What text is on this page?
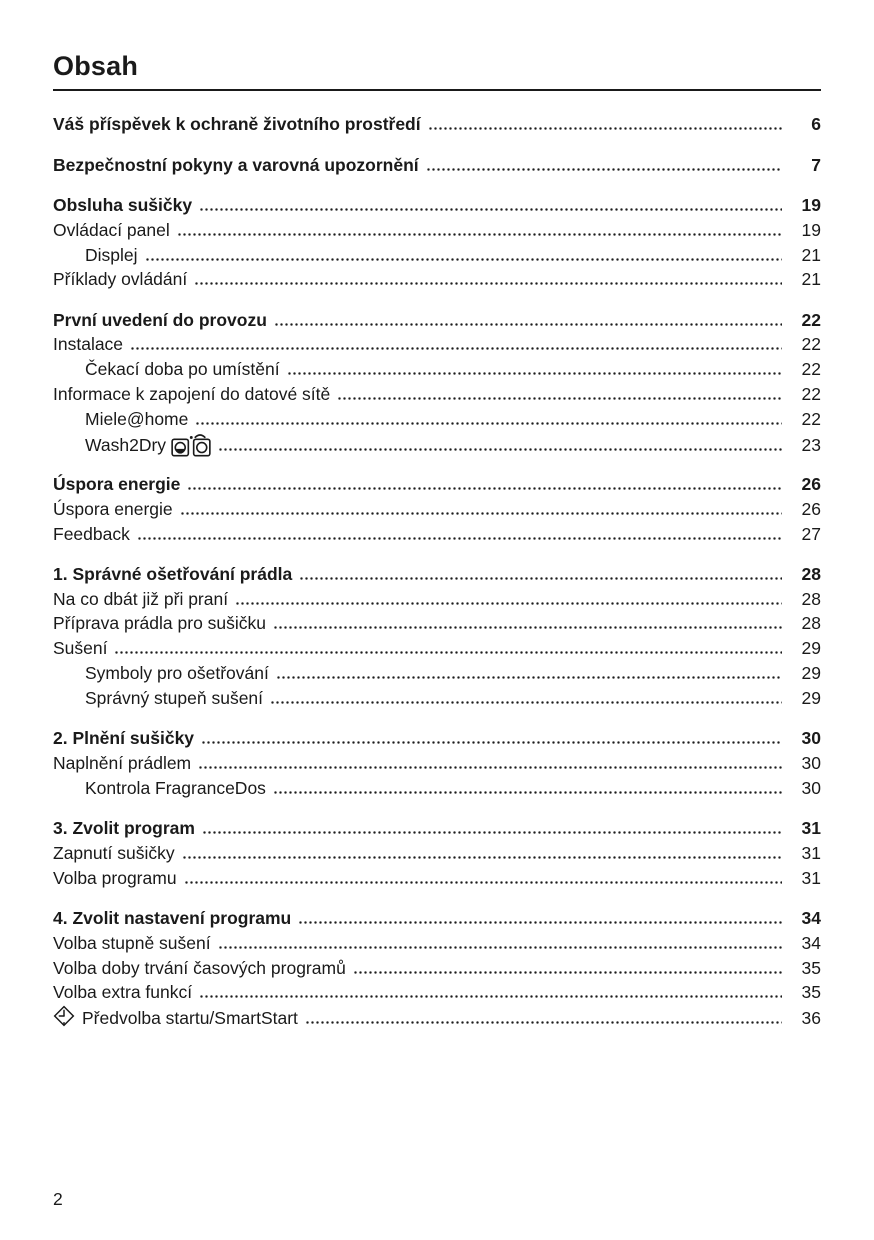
Obsah
Váš příspěvek k ochraně životního prostředí	6
Bezpečnostní pokyny a varovná upozornění	7
Obsluha sušičky	19
Ovládací panel	19
Displej	21
Příklady ovládání	21
První uvedení do provozu	22
Instalace	22
Čekací doba po umístění	22
Informace k zapojení do datové sítě	22
Miele@home	22
Wash2Dry	23
Úspora energie	26
Úspora energie	26
Feedback	27
1. Správné ošetřování prádla	28
Na co dbát již při praní	28
Příprava prádla pro sušičku	28
Sušení	29
Symboly pro ošetřování	29
Správný stupeň sušení	29
2. Plnění sušičky	30
Naplnění prádlem	30
Kontrola FragranceDos	30
3. Zvolit program	31
Zapnutí sušičky	31
Volba programu	31
4. Zvolit nastavení programu	34
Volba stupně sušení	34
Volba doby trvání časových programů	35
Volba extra funkcí	35
Předvolba startu/SmartStart	36
2
